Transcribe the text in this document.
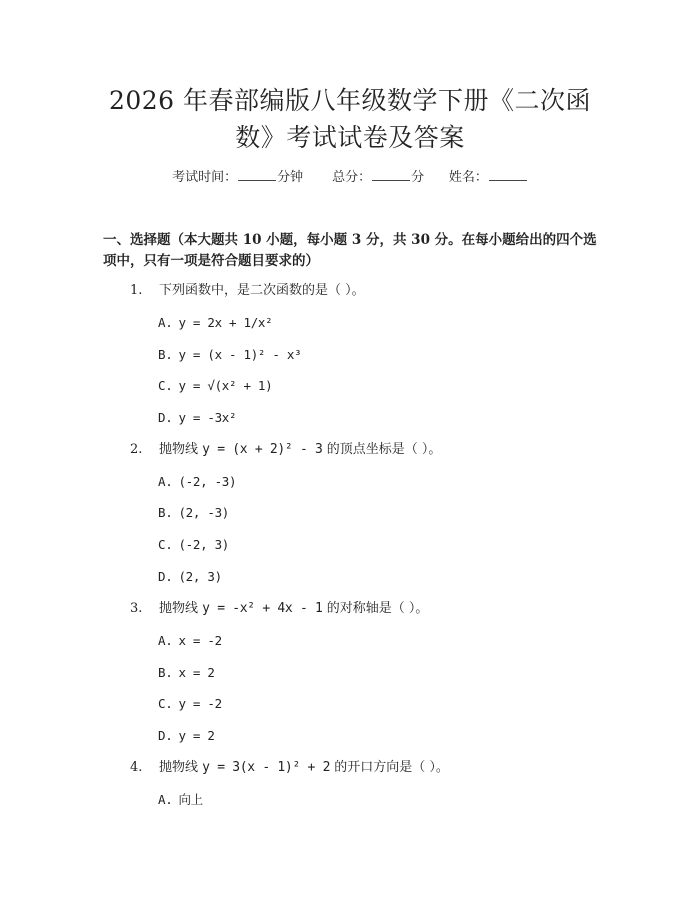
2026 年春部编版八年级数学下册《二次函
数》考试试卷及答案
考试时间：	分钟 总分：	分 姓名：
一、选择题（本大题共 10 小题，每小题 3 分，共 30 分。在每小题给出的四个选项中，只有一项是符合题目要求的）
1. 下列函数中，是二次函数的是（ ）。
A. y = 2x + 1/x²
B. y = (x - 1)² - x³
C. y = √(x² + 1)
D. y = -3x²
2. 抛物线 y = (x + 2)² - 3 的顶点坐标是（ ）。
A. (-2, -3)
B. (2, -3)
C. (-2, 3)
D. (2, 3)
3. 抛物线 y = -x² + 4x - 1 的对称轴是（ ）。
A. x = -2
B. x = 2
C. y = -2
D. y = 2
4. 抛物线 y = 3(x - 1)² + 2 的开口方向是（ ）。
A. 向上
